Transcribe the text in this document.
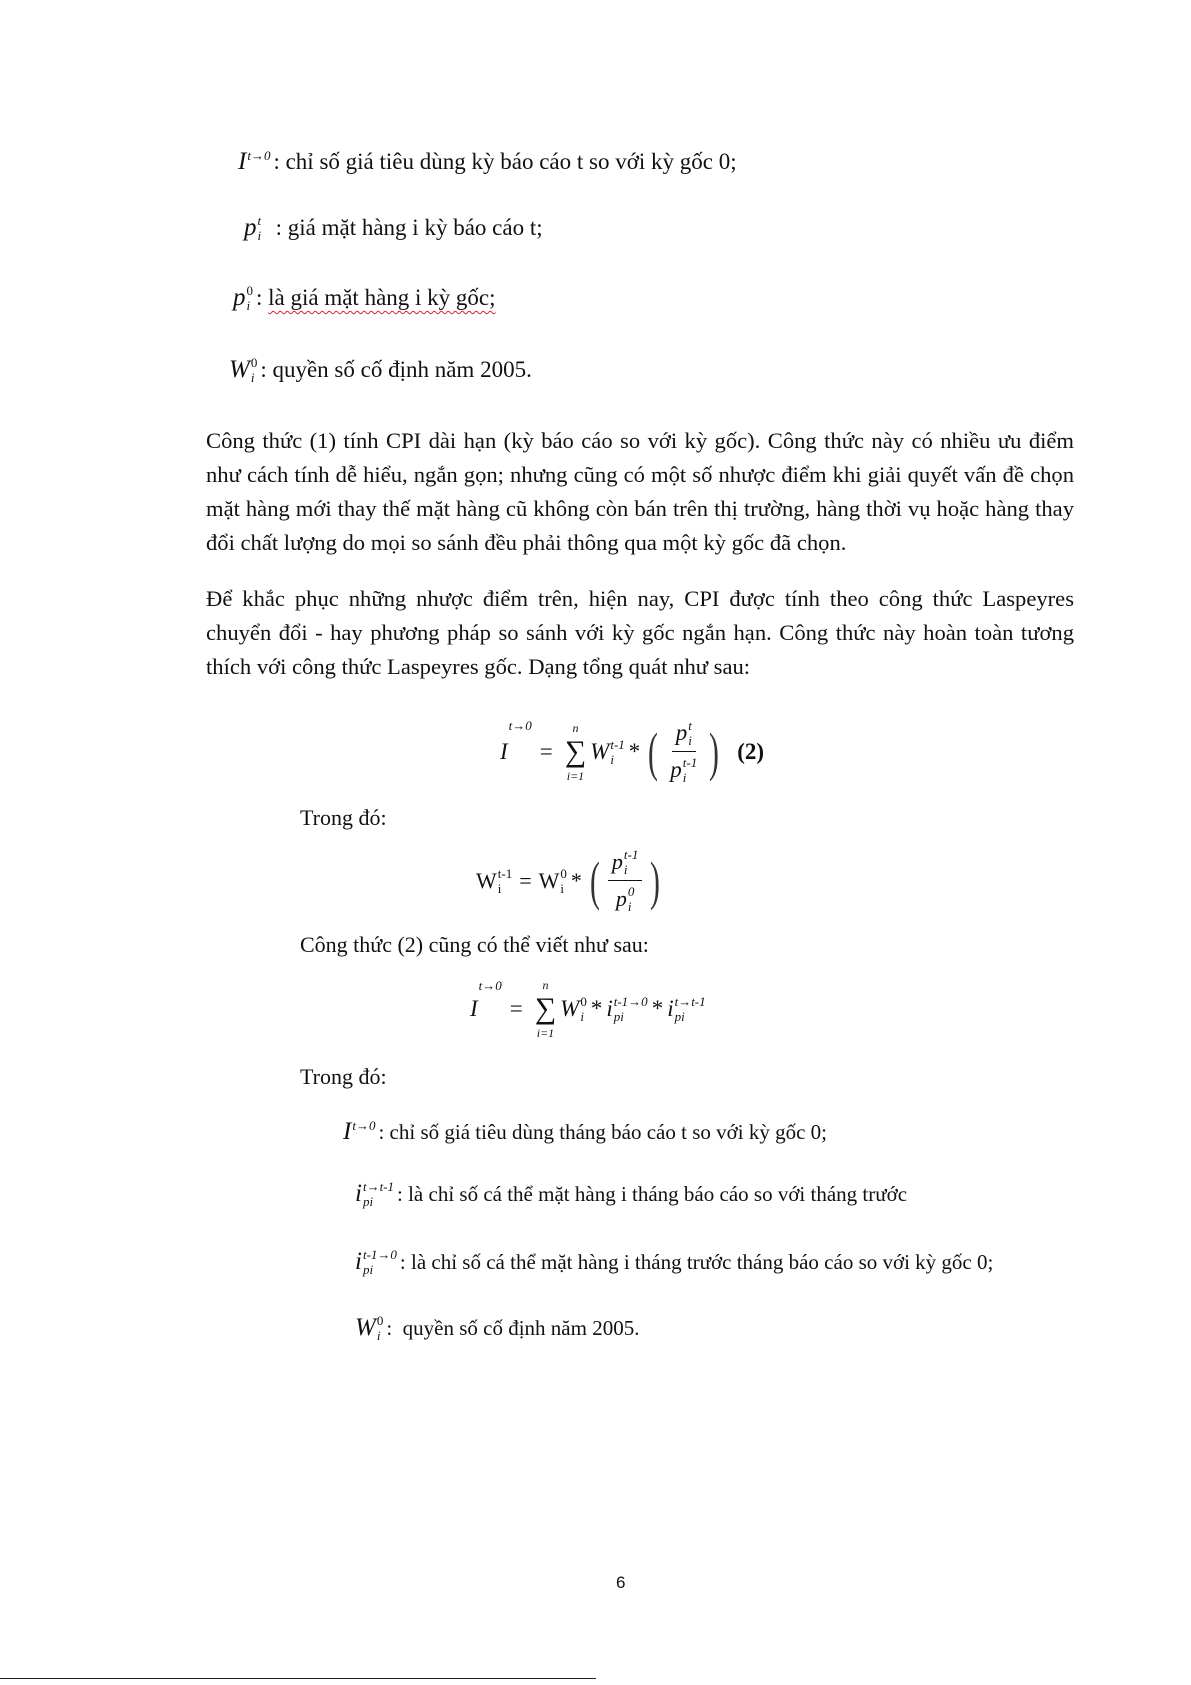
I t→0 : chỉ số giá tiêu dùng kỳ báo cáo t so với kỳ gốc 0;
p t
i : giá mặt hàng i kỳ báo cáo t;
p 0
i : là giá mặt hàng i kỳ gốc;
W 0
i : quyền số cố định năm 2005.

Công thức (1) tính CPI dài hạn (kỳ báo cáo so với kỳ gốc). Công thức này có nhiều ưu điểm như cách tính dễ hiểu, ngắn gọn; nhưng cũng có một số nhược điểm khi giải quyết vấn đề chọn mặt hàng mới thay thế mặt hàng cũ không còn bán trên thị trường, hàng thời vụ hoặc hàng thay đổi chất lượng do mọi so sánh đều phải thông qua một kỳ gốc đã chọn.

Để khắc phục những nhược điểm trên, hiện nay, CPI được tính theo công thức Laspeyres chuyển đổi - hay phương pháp so sánh với kỳ gốc ngắn hạn. Công thức này hoàn toàn tương thích với công thức Laspeyres gốc. Dạng tổng quát như sau:

I
t→0
=
n
∑
i=1
W t-1
i * ( p t
i
p t-1
i ) (2)
Trong đó:
W t-1
i = W 0
i * ( p t-1
i
p 0
i )
Công thức (2) cũng có thể viết như sau:
I
t→0
=
n
∑
i=1
W 0
i * i t-1→0
pi	* i t→t-1
pi
Trong đó:
I t→0 : chỉ số giá tiêu dùng tháng báo cáo t so với kỳ gốc 0;
i t→t-1
pi	: là chỉ số cá thể mặt hàng i tháng báo cáo so với tháng trước
i t-1→0
pi	: là chỉ số cá thể mặt hàng i tháng trước tháng báo cáo so với kỳ gốc 0;
W 0
i :  quyền số cố định năm 2005.
6
